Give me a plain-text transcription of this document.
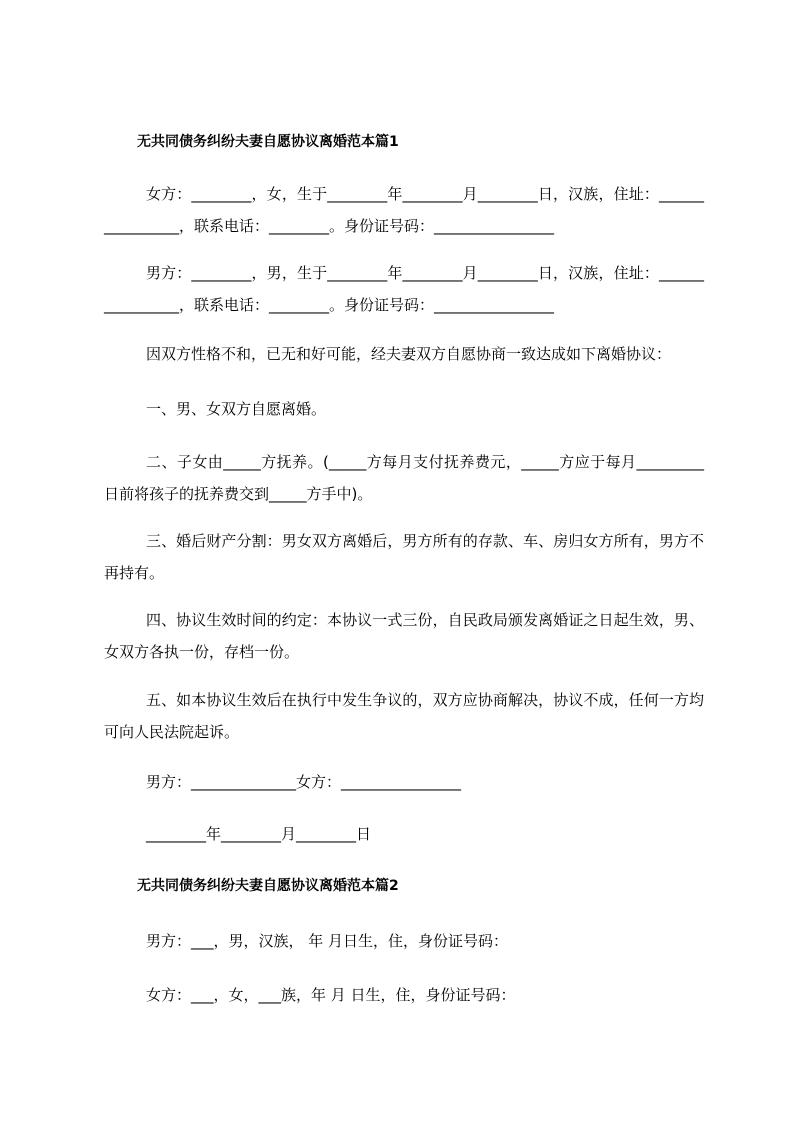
无共同债务纠纷夫妻自愿协议离婚范本篇1
女方：________，女，生于________年________月________日，汉族，住址：________________，联系电话：________。身份证号码：________________
男方：________，男，生于________年________月________日，汉族，住址：________________，联系电话：________。身份证号码：________________
因双方性格不和，已无和好可能，经夫妻双方自愿协商一致达成如下离婚协议：
一、男、女双方自愿离婚。
二、子女由_____方抚养。(_____方每月支付抚养费元，_____方应于每月_________日前将孩子的抚养费交到_____方手中)。
三、婚后财产分割：男女双方离婚后，男方所有的存款、车、房归女方所有，男方不再持有。
四、协议生效时间的约定：本协议一式三份，自民政局颁发离婚证之日起生效，男、女双方各执一份，存档一份。
五、如本协议生效后在执行中发生争议的，双方应协商解决，协议不成，任何一方均可向人民法院起诉。
男方：______________女方：________________
________年________月________日
无共同债务纠纷夫妻自愿协议离婚范本篇2
男方：___，男，汉族， 年 月日生，住，身份证号码：
女方：___，女，___族，年 月 日生，住，身份证号码：
